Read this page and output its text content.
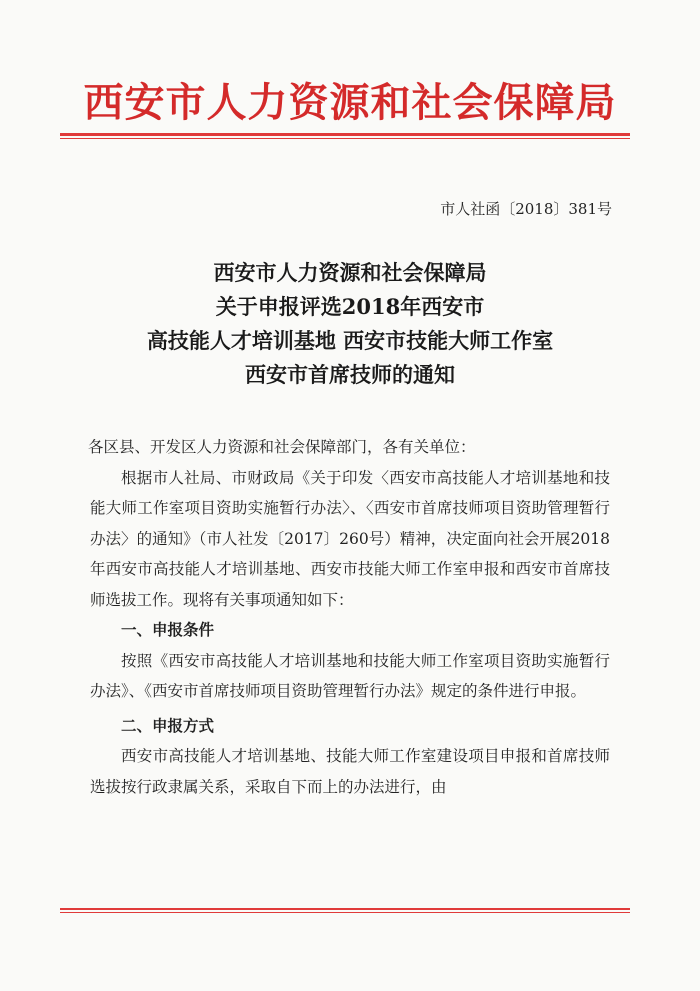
西安市人力资源和社会保障局
市人社函〔2018〕381号
西安市人力资源和社会保障局
关于申报评选2018年西安市
高技能人才培训基地 西安市技能大师工作室
西安市首席技师的通知

各区县、开发区人力资源和社会保障部门，各有关单位：

根据市人社局、市财政局《关于印发〈西安市高技能人才培训基地和技能大师工作室项目资助实施暂行办法〉、〈西安市首席技师项目资助管理暂行办法〉的通知》（市人社发〔2017〕260号）精神，决定面向社会开展2018年西安市高技能人才培训基地、西安市技能大师工作室申报和西安市首席技师选拔工作。现将有关事项通知如下：

一、申报条件

按照《西安市高技能人才培训基地和技能大师工作室项目资助实施暂行办法》、《西安市首席技师项目资助管理暂行办法》规定的条件进行申报。

二、申报方式

西安市高技能人才培训基地、技能大师工作室建设项目申报和首席技师选拔按行政隶属关系，采取自下而上的办法进行，由
